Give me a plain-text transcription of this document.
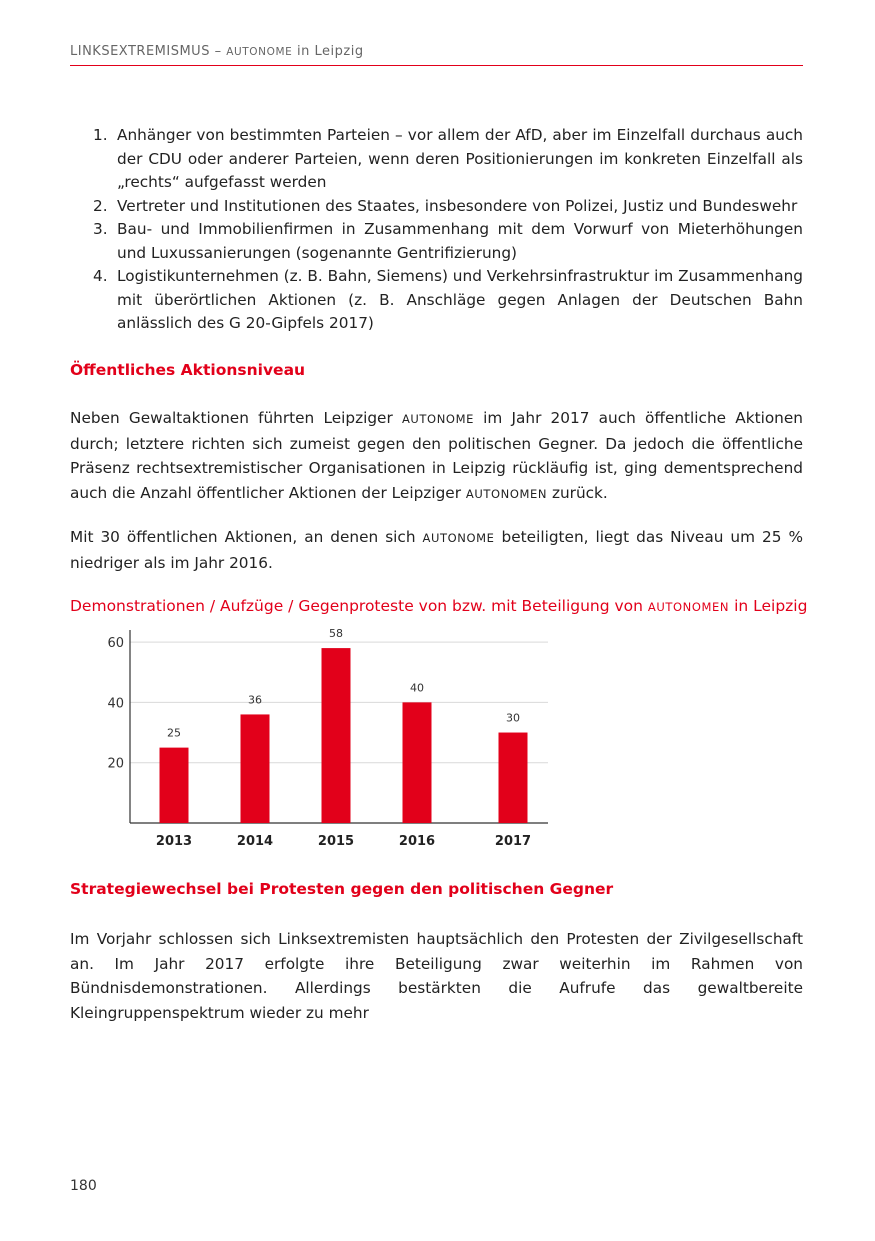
LINKSEXTREMISMUS – AUTONOME in Leipzig
1. Anhänger von bestimmten Parteien – vor allem der AfD, aber im Einzelfall durchaus auch der CDU oder anderer Parteien, wenn deren Positionierungen im konkreten Einzelfall als „rechts“ aufgefasst werden
2. Vertreter und Institutionen des Staates, insbesondere von Polizei, Justiz und Bundeswehr
3. Bau- und Immobilienfirmen in Zusammenhang mit dem Vorwurf von Mieterhöhungen und Luxussanierungen (sogenannte Gentrifizierung)
4. Logistikunternehmen (z. B. Bahn, Siemens) und Verkehrsinfrastruktur im Zusammenhang mit überörtlichen Aktionen (z. B. Anschläge gegen Anlagen der Deutschen Bahn anlässlich des G 20-Gipfels 2017)
Öffentliches Aktionsniveau
Neben Gewaltaktionen führten Leipziger AUTONOME im Jahr 2017 auch öffentliche Aktionen durch; letztere richten sich zumeist gegen den politischen Gegner. Da jedoch die öffentliche Präsenz rechtsextremistischer Organisationen in Leipzig rückläufig ist, ging dementsprechend auch die Anzahl öffentlicher Aktionen der Leipziger AUTONOMEN zurück.
Mit 30 öffentlichen Aktionen, an denen sich AUTONOME beteiligten, liegt das Niveau um 25 % niedriger als im Jahr 2016.
Demonstrationen / Aufzüge / Gegenproteste von bzw. mit Beteiligung von AUTONOMEN in Leipzig
20
40
60
25
2013
36
2014
58
2015
40
2016
30
2017
Strategiewechsel bei Protesten gegen den politischen Gegner
Im Vorjahr schlossen sich Linksextremisten hauptsächlich den Protesten der Zivilgesellschaft an. Im Jahr 2017 erfolgte ihre Beteiligung zwar weiterhin im Rahmen von Bündnisdemonstrationen. Allerdings bestärkten die Aufrufe das gewaltbereite Kleingruppenspektrum wieder zu mehr
180
